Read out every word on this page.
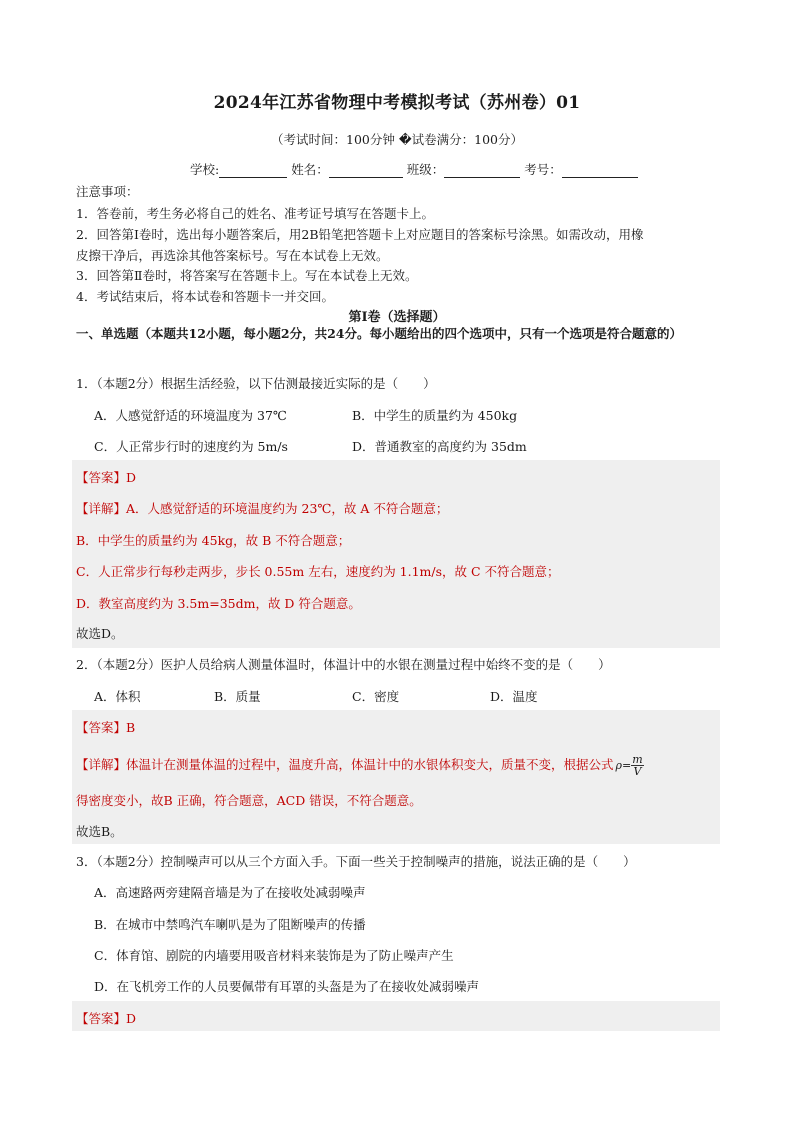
2024年江苏省物理中考模拟考试（苏州卷）01
（考试时间：100分钟 �试卷满分：100分）
学校:	姓名：	班级：	考号：
注意事项：
1．答卷前，考生务必将自己的姓名、准考证号填写在答题卡上。
2．回答第Ⅰ卷时，选出每小题答案后，用2B铅笔把答题卡上对应题目的答案标号涂黑。如需改动，用橡
皮擦干净后，再选涂其他答案标号。写在本试卷上无效。
3．回答第Ⅱ卷时，将答案写在答题卡上。写在本试卷上无效。
4．考试结束后，将本试卷和答题卡一并交回。
第Ⅰ卷（选择题）
一、单选题（本题共12小题，每小题2分，共24分。每小题给出的四个选项中，只有一个选项是符合题意的）
1．（本题2分）根据生活经验，以下估测最接近实际的是（　　）
A．人感觉舒适的环境温度为 37℃	B．中学生的质量约为 450kg
C．人正常步行时的速度约为 5m/s	D．普通教室的高度约为 35dm
【答案】D
【详解】A．人感觉舒适的环境温度约为 23℃，故 A 不符合题意；
B．中学生的质量约为 45kg，故 B 不符合题意；
C．人正常步行每秒走两步，步长 0.55m 左右，速度约为 1.1m/s，故 C 不符合题意；
D．教室高度约为 3.5m=35dm，故 D 符合题意。
故选D。
2．（本题2分）医护人员给病人测量体温时，体温计中的水银在测量过程中始终不变的是（　　）
A．体积	B．质量	C．密度	D．温度
【答案】B
【详解】体温计在测量体温的过程中，温度升高，体温计中的水银体积变大，质量不变，根据公式 $\rho= \frac{m}{V}$
得密度变小，故B 正确，符合题意，ACD 错误，不符合题意。
故选B。
3．（本题2分）控制噪声可以从三个方面入手。下面一些关于控制噪声的措施，说法正确的是（　　）
A．高速路两旁建隔音墙是为了在接收处减弱噪声
B．在城市中禁鸣汽车喇叭是为了阻断噪声的传播
C．体育馆、剧院的内墙要用吸音材料来装饰是为了防止噪声产生
D．在飞机旁工作的人员要佩带有耳罩的头盔是为了在接收处减弱噪声
【答案】D
